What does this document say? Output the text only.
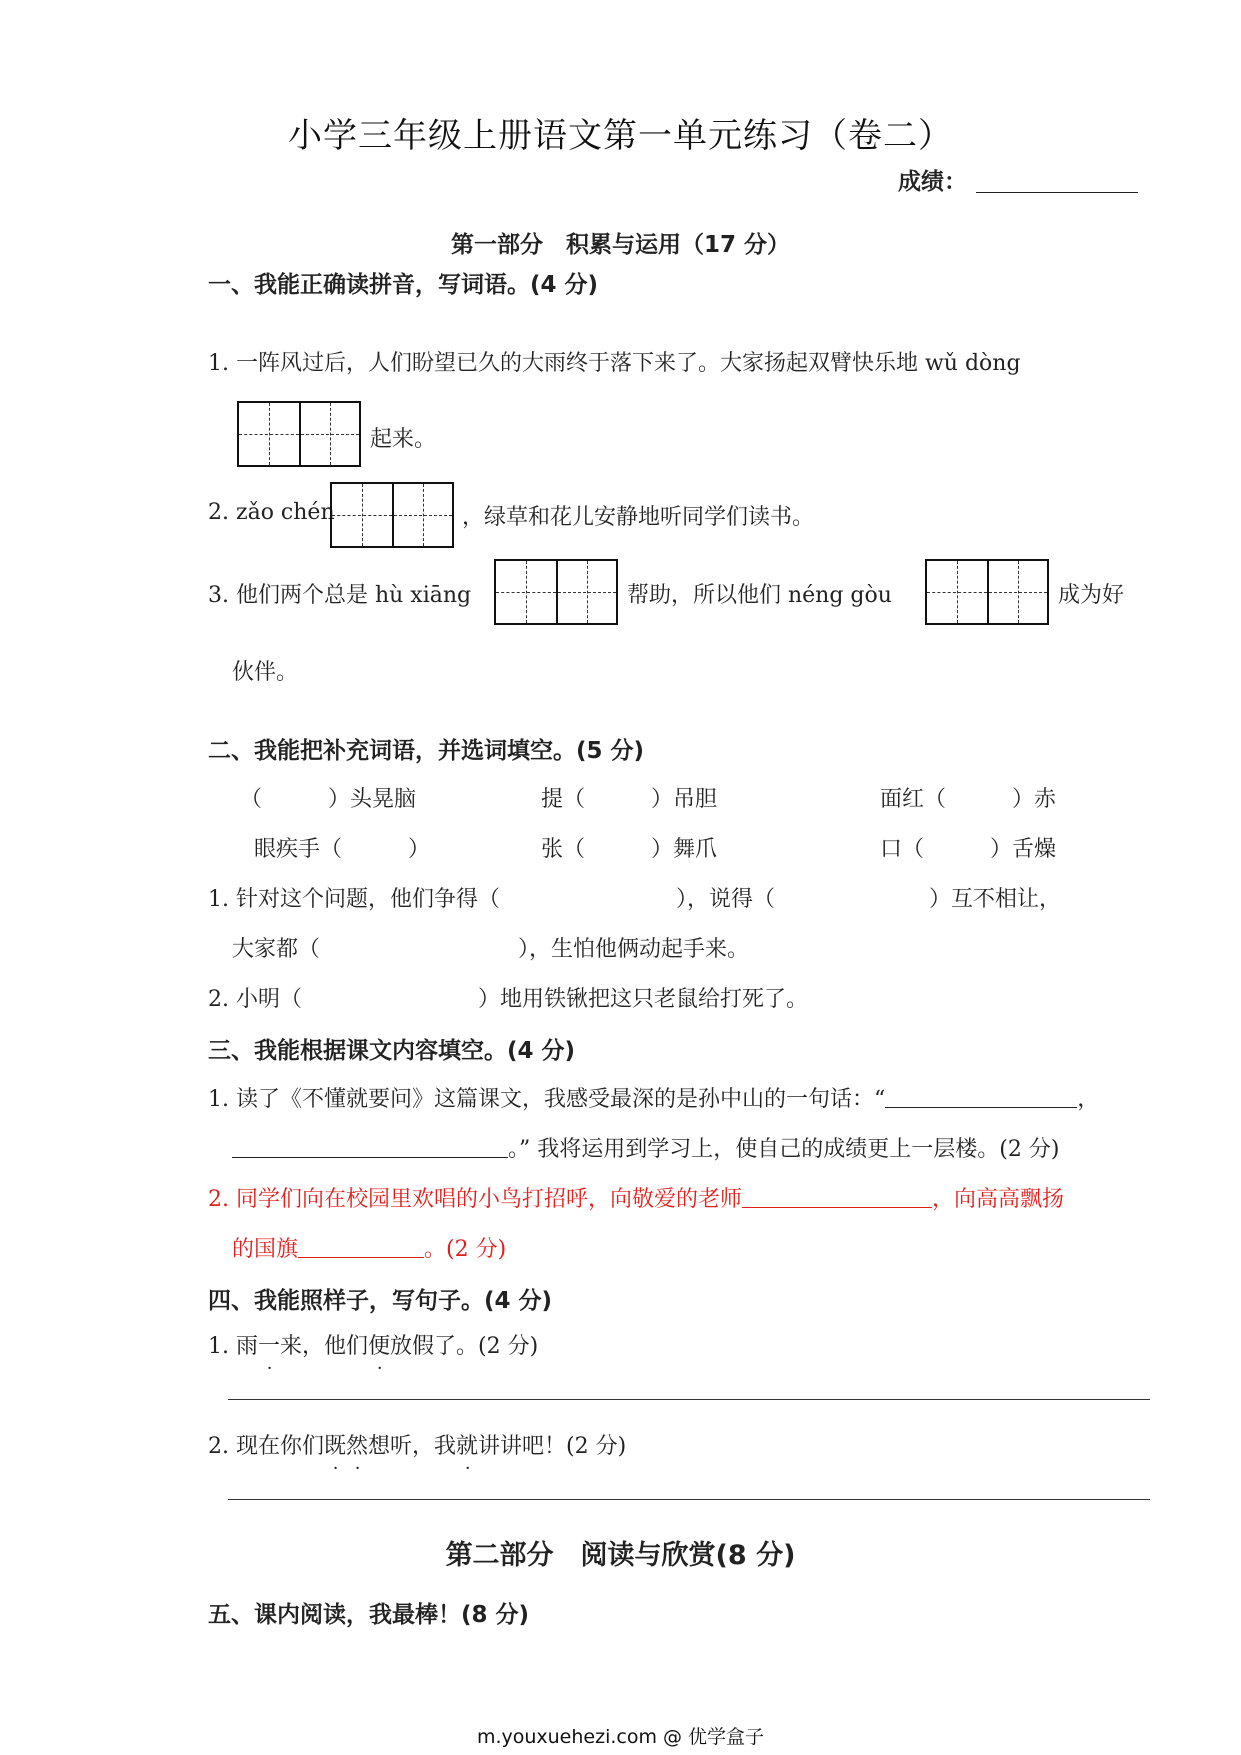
小学三年级上册语文第一单元练习（卷二）
成绩：
第一部分　积累与运用（17 分）
一、我能正确读拼音，写词语。(4 分)
1. 一阵风过后，人们盼望已久的大雨终于落下来了。大家扬起双臂快乐地 wǔ dòng
起来。
2. zǎo chén	，绿草和花儿安静地听同学们读书。
3. 他们两个总是 hù xiāng	帮助，所以他们 néng gòu	成为好
伙伴。
二、我能把补充词语，并选词填空。(5 分)
（　　　）头晃脑	提（　　　）吊胆	面红（　　　）赤
眼疾手（　　　）	张（　　　）舞爪	口（　　　）舌燥
1. 针对这个问题，他们争得（　　　　　　　　），说得（　　　　　　　）互不相让，
大家都（　　　　　　　　　），生怕他俩动起手来。
2. 小明（　　　　　　　　）地用铁锹把这只老鼠给打死了。
三、我能根据课文内容填空。(4 分)
1. 读了《不懂就要问》这篇课文，我感受最深的是孙中山的一句话：“	，
。” 我将运用到学习上，使自己的成绩更上一层楼。(2 分)
2. 同学们向在校园里欢唱的小鸟打招呼，向敬爱的老师	，向高高飘扬
的国旗	。(2 分)
四、我能照样子，写句子。(4 分)
1. 雨一来，他们便放假了。(2 分)
2. 现在你们既然想听，我就讲讲吧！(2 分)
第二部分　阅读与欣赏(8 分)
五、课内阅读，我最棒！(8 分)
m.youxuehezi.com @ 优学盒子
